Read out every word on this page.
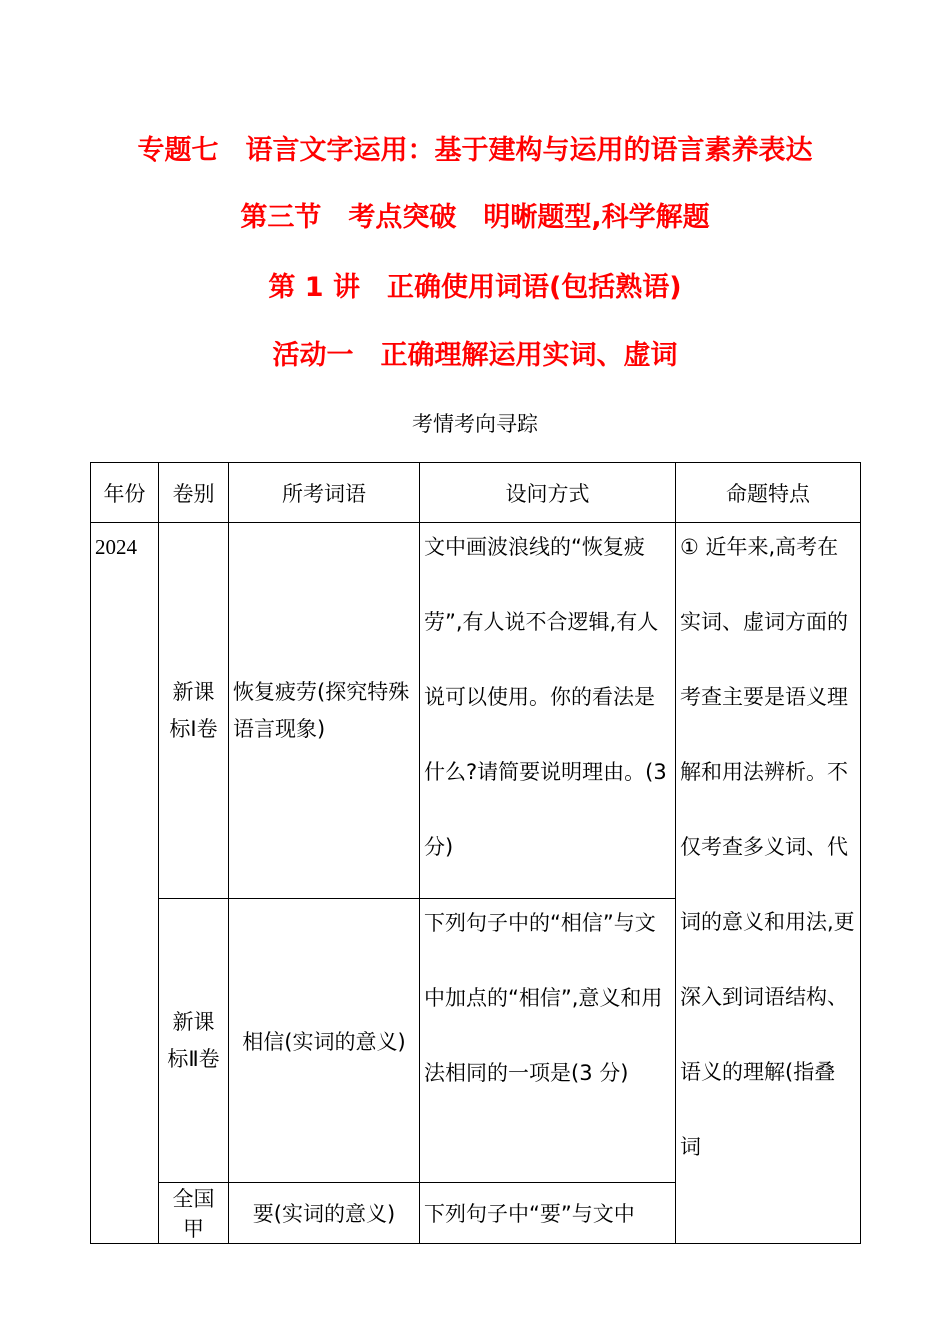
专题七　语言文字运用：基于建构与运用的语言素养表达
第三节　考点突破　明晰题型,科学解题
第 1 讲　正确使用词语(包括熟语)
活动一　正确理解运用实词、虚词
考情考向寻踪
年份	卷别	所考词语	设问方式	命题特点
2024	新课标Ⅰ卷	恢复疲劳(探究特殊语言现象)	文中画波浪线的“恢复疲劳”,有人说不合逻辑,有人说可以使用。你的看法是什么?请简要说明理由。(3 分)	① 近年来,高考在实词、虚词方面的考查主要是语义理解和用法辨析。不仅考查多义词、代词的意义和用法,更深入到词语结构、语义的理解(指叠词

	新课标Ⅱ卷	相信(实词的意义)	下列句子中的“相信”与文中加点的“相信”,意义和用法相同的一项是(3 分)	

	全国甲	要(实词的意义)	下列句子中“要”与文中	
